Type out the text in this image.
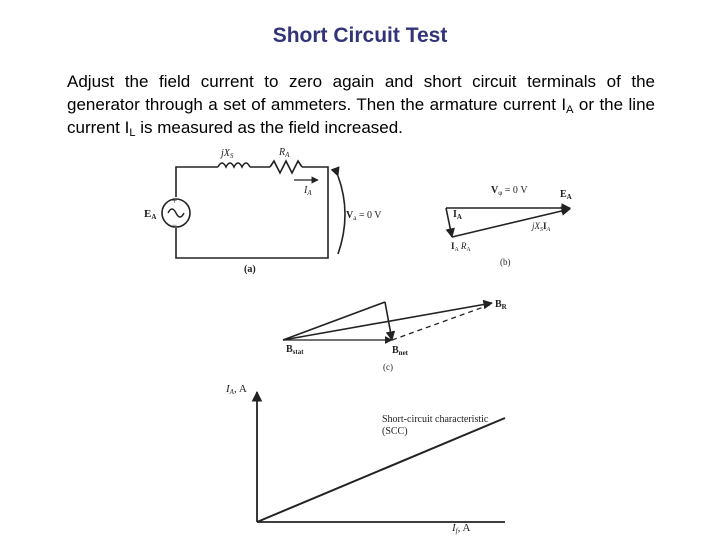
Short Circuit Test
Adjust the field current to zero again and short circuit terminals of the generator through a set of ammeters. Then the armature current $I_A$ or the line current $I_L$ is measured as the field increased.
+
−
$jX_S$	$R_A$
$I_A$
EA	$V_a = 0$ V
(a)
$V_\varphi = 0$ V	$E_A$
$I_A$
$jX_SI_A$
$I_A$ $R_A$
(b)
$B_R$
$B_{stat}$	$B_{net}$
(c)
IA, A
If, A
Short-circuit characteristic
(SCC)
